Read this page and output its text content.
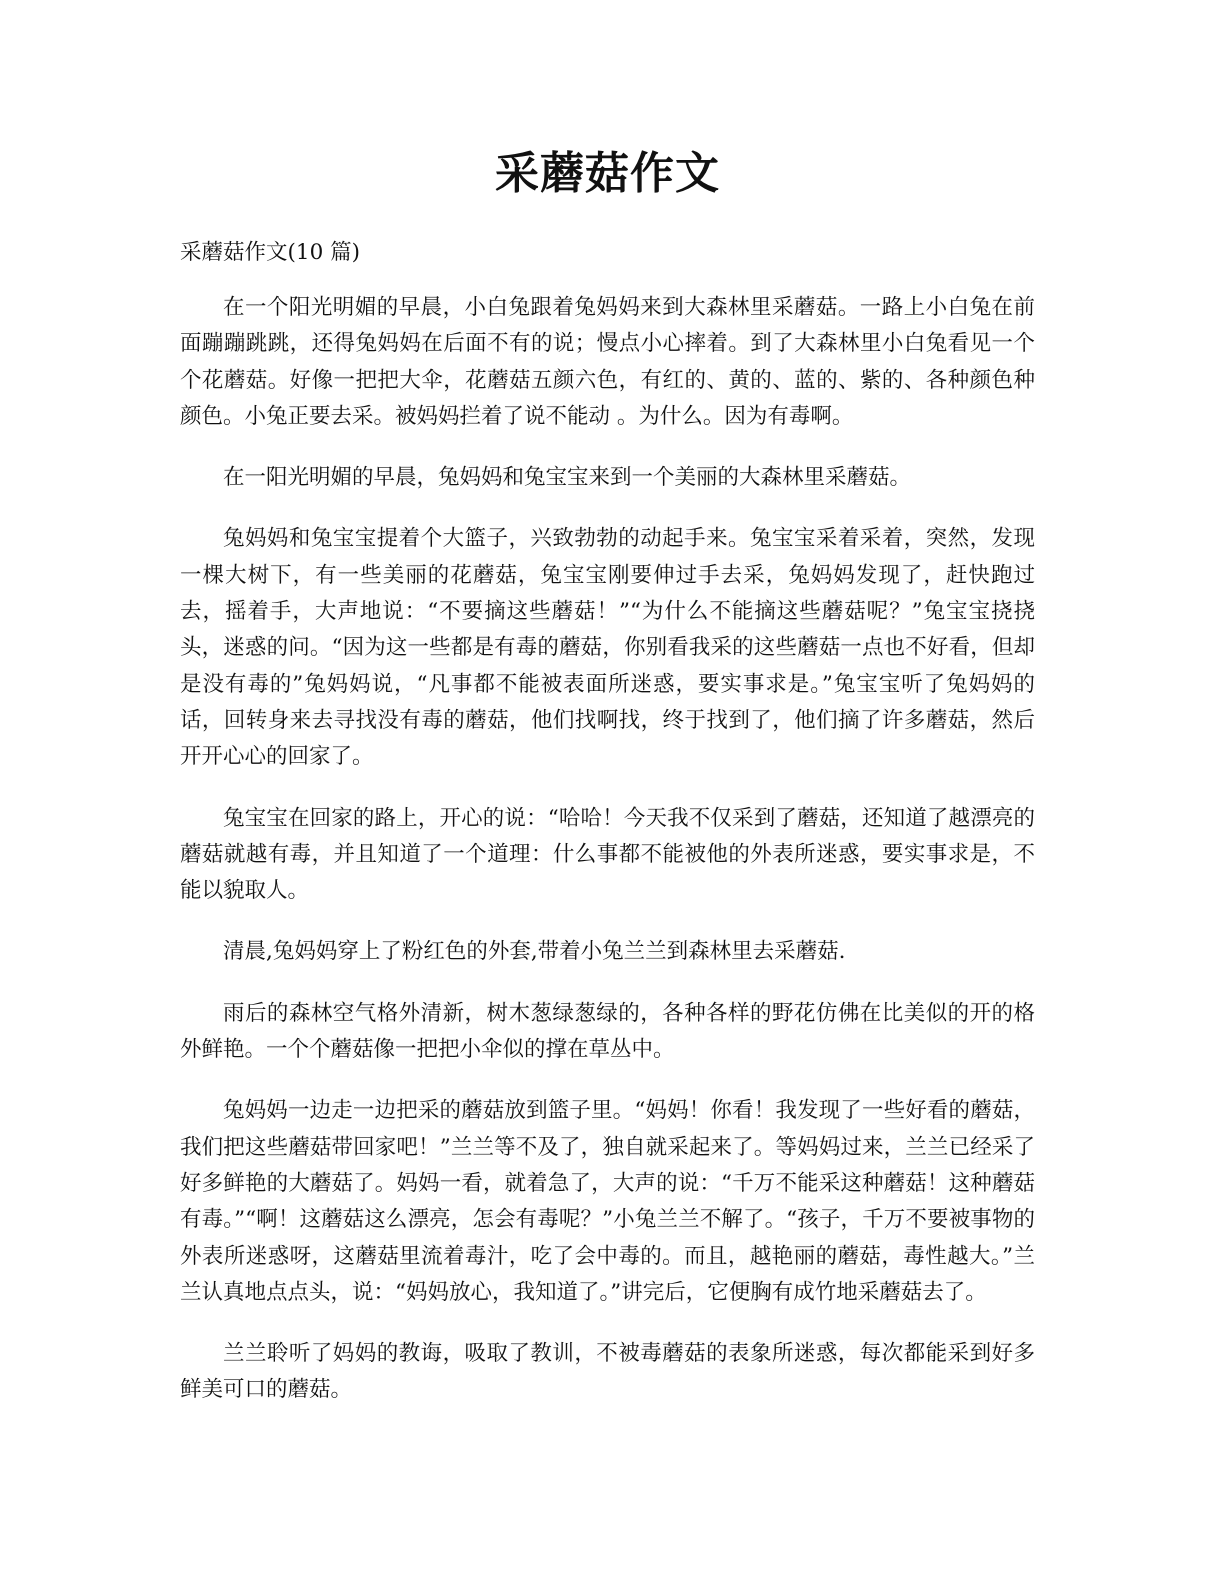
采蘑菇作文
采蘑菇作文(10 篇)

在一个阳光明媚的早晨，小白兔跟着兔妈妈来到大森林里采蘑菇。一路上小白兔在前面蹦蹦跳跳，还得兔妈妈在后面不有的说；慢点小心摔着。到了大森林里小白兔看见一个个花蘑菇。好像一把把大伞，花蘑菇五颜六色，有红的、黄的、蓝的、紫的、各种颜色种颜色。小兔正要去采。被妈妈拦着了说不能动 。为什么。因为有毒啊。

在一阳光明媚的早晨，兔妈妈和兔宝宝来到一个美丽的大森林里采蘑菇。

兔妈妈和兔宝宝提着个大篮子，兴致勃勃的动起手来。兔宝宝采着采着，突然，发现一棵大树下，有一些美丽的花蘑菇，兔宝宝刚要伸过手去采，兔妈妈发现了，赶快跑过去，摇着手，大声地说：“不要摘这些蘑菇！”“为什么不能摘这些蘑菇呢？”兔宝宝挠挠头，迷惑的问。“因为这一些都是有毒的蘑菇，你别看我采的这些蘑菇一点也不好看，但却是没有毒的”兔妈妈说，“凡事都不能被表面所迷惑，要实事求是。”兔宝宝听了兔妈妈的话，回转身来去寻找没有毒的蘑菇，他们找啊找，终于找到了，他们摘了许多蘑菇，然后开开心心的回家了。

兔宝宝在回家的路上，开心的说：“哈哈！今天我不仅采到了蘑菇，还知道了越漂亮的蘑菇就越有毒，并且知道了一个道理：什么事都不能被他的外表所迷惑，要实事求是，不能以貌取人。

清晨,兔妈妈穿上了粉红色的外套,带着小兔兰兰到森林里去采蘑菇.

雨后的森林空气格外清新，树木葱绿葱绿的，各种各样的野花仿佛在比美似的开的格外鲜艳。一个个蘑菇像一把把小伞似的撑在草丛中。

兔妈妈一边走一边把采的蘑菇放到篮子里。“妈妈！你看！我发现了一些好看的蘑菇，我们把这些蘑菇带回家吧！”兰兰等不及了，独自就采起来了。等妈妈过来，兰兰已经采了好多鲜艳的大蘑菇了。妈妈一看，就着急了，大声的说：“千万不能采这种蘑菇！这种蘑菇有毒。”“啊！这蘑菇这么漂亮，怎会有毒呢？”小兔兰兰不解了。“孩子，千万不要被事物的外表所迷惑呀，这蘑菇里流着毒汁，吃了会中毒的。而且，越艳丽的蘑菇，毒性越大。”兰兰认真地点点头，说：“妈妈放心，我知道了。”讲完后，它便胸有成竹地采蘑菇去了。

兰兰聆听了妈妈的教诲，吸取了教训，不被毒蘑菇的表象所迷惑，每次都能采到好多鲜美可口的蘑菇。
